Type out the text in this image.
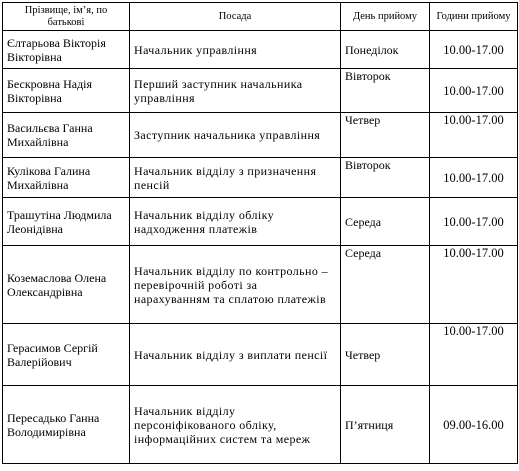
Прізвище, ім’я, по батькові	Посада	День прийому	Години прийому
Єлтарьова Вікторія Вікторівна	Начальник управління	Понеділок	10.00-17.00
Бескровна Надія Вікторівна	Перший заступник начальника управління	Вівторок	10.00-17.00
Васильєва Ганна Михайлівна	Заступник начальника управління	Четвер	10.00-17.00
Кулікова Галина Михайлівна	Начальник відділу з призначення пенсій	Вівторок	10.00-17.00
Трашутіна Людмила Леонідівна	Начальник відділу обліку надходження платежів	Середа	10.00-17.00
Коземаслова Олена Олександрівна	Начальник відділу по контрольно – перевірочній роботі за нарахуванням та сплатою платежів	Середа	10.00-17.00
Герасимов Сергій Валерійович	Начальник відділу з виплати пенсії	Четвер	10.00-17.00
Пересадько Ганна Володимирівна	Начальник відділу персоніфікованого обліку, інформаційних систем та мереж	П’ятниця	09.00-16.00
